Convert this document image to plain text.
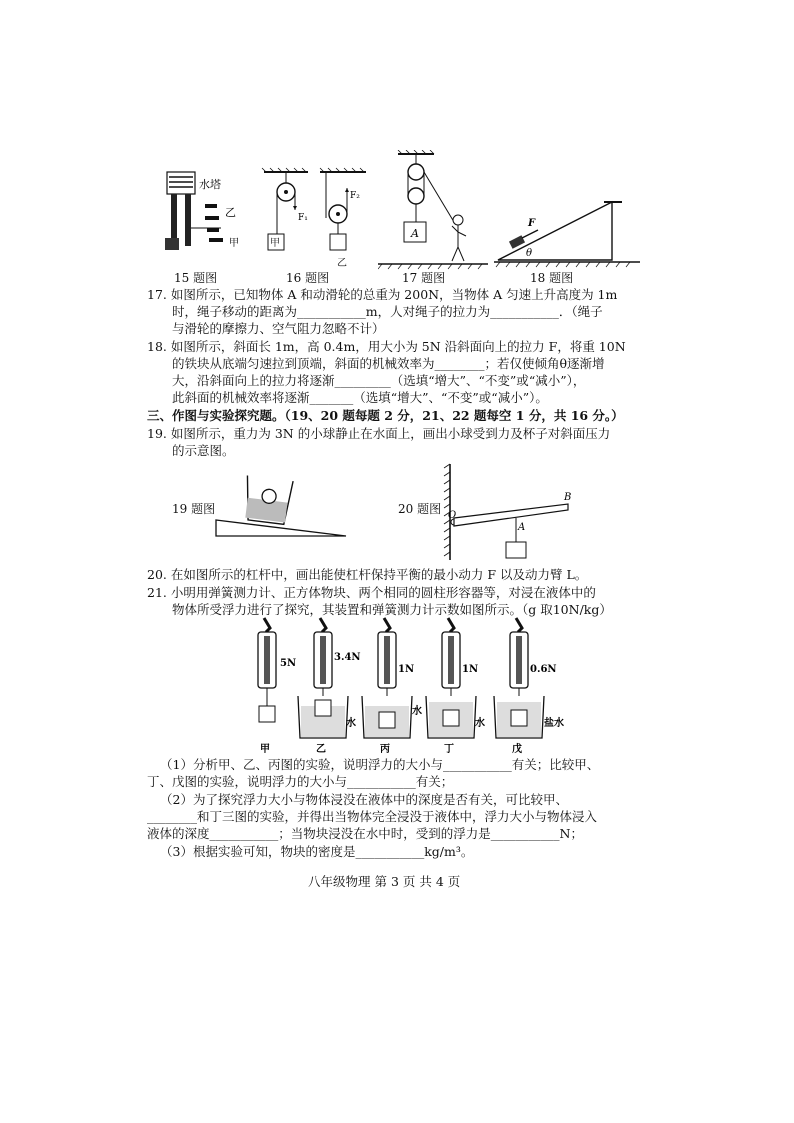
水塔
乙
甲
F₁
F₂
A
F
θ
15 题图	16 题图	17 题图	18 题图
甲
乙
17. 如图所示，已知物体 A 和动滑轮的总重为 200N，当物体 A 匀速上升高度为 1m
时，绳子移动的距离为___________m，人对绳子的拉力为___________．（绳子
与滑轮的摩擦力、空气阻力忽略不计）
18. 如图所示，斜面长 1m，高 0.4m，用大小为 5N 沿斜面向上的拉力 F，将重 10N
的铁块从底端匀速拉到顶端，斜面的机械效率为________；若仅使倾角θ逐渐增
大，沿斜面向上的拉力将逐渐_________（选填“增大”、“不变”或“减小”），
此斜面的机械效率将逐渐_______（选填“增大”、“不变”或“减小”）。
三、作图与实验探究题。（19、20 题每题 2 分，21、22 题每空 1 分，共 16 分。）
19. 如图所示，重力为 3N 的小球静止在水面上，画出小球受到力及杯子对斜面压力
的示意图。
19 题图	20 题图 O
A
B
20. 在如图所示的杠杆中，画出能使杠杆保持平衡的最小动力 F 以及动力臂 L。
21. 小明用弹簧测力计、正方体物块、两个相同的圆柱形容器等，对浸在液体中的
物体所受浮力进行了探究，其装置和弹簧测力计示数如图所示。（g 取10N/kg）
5N
3.4N
1N	1N	0.6N
水
水
水	盐水
甲	乙	丙	丁	戊
（1）分析甲、乙、丙图的实验，说明浮力的大小与___________有关；比较甲、
丁、戊图的实验，说明浮力的大小与___________有关；
（2）为了探究浮力大小与物体浸没在液体中的深度是否有关，可比较甲、
________和丁三图的实验，并得出当物体完全浸没于液体中，浮力大小与物体浸入
液体的深度___________；当物块浸没在水中时，受到的浮力是___________N；
（3）根据实验可知，物块的密度是___________kg/m³。
八年级物理 第 3 页 共 4 页
